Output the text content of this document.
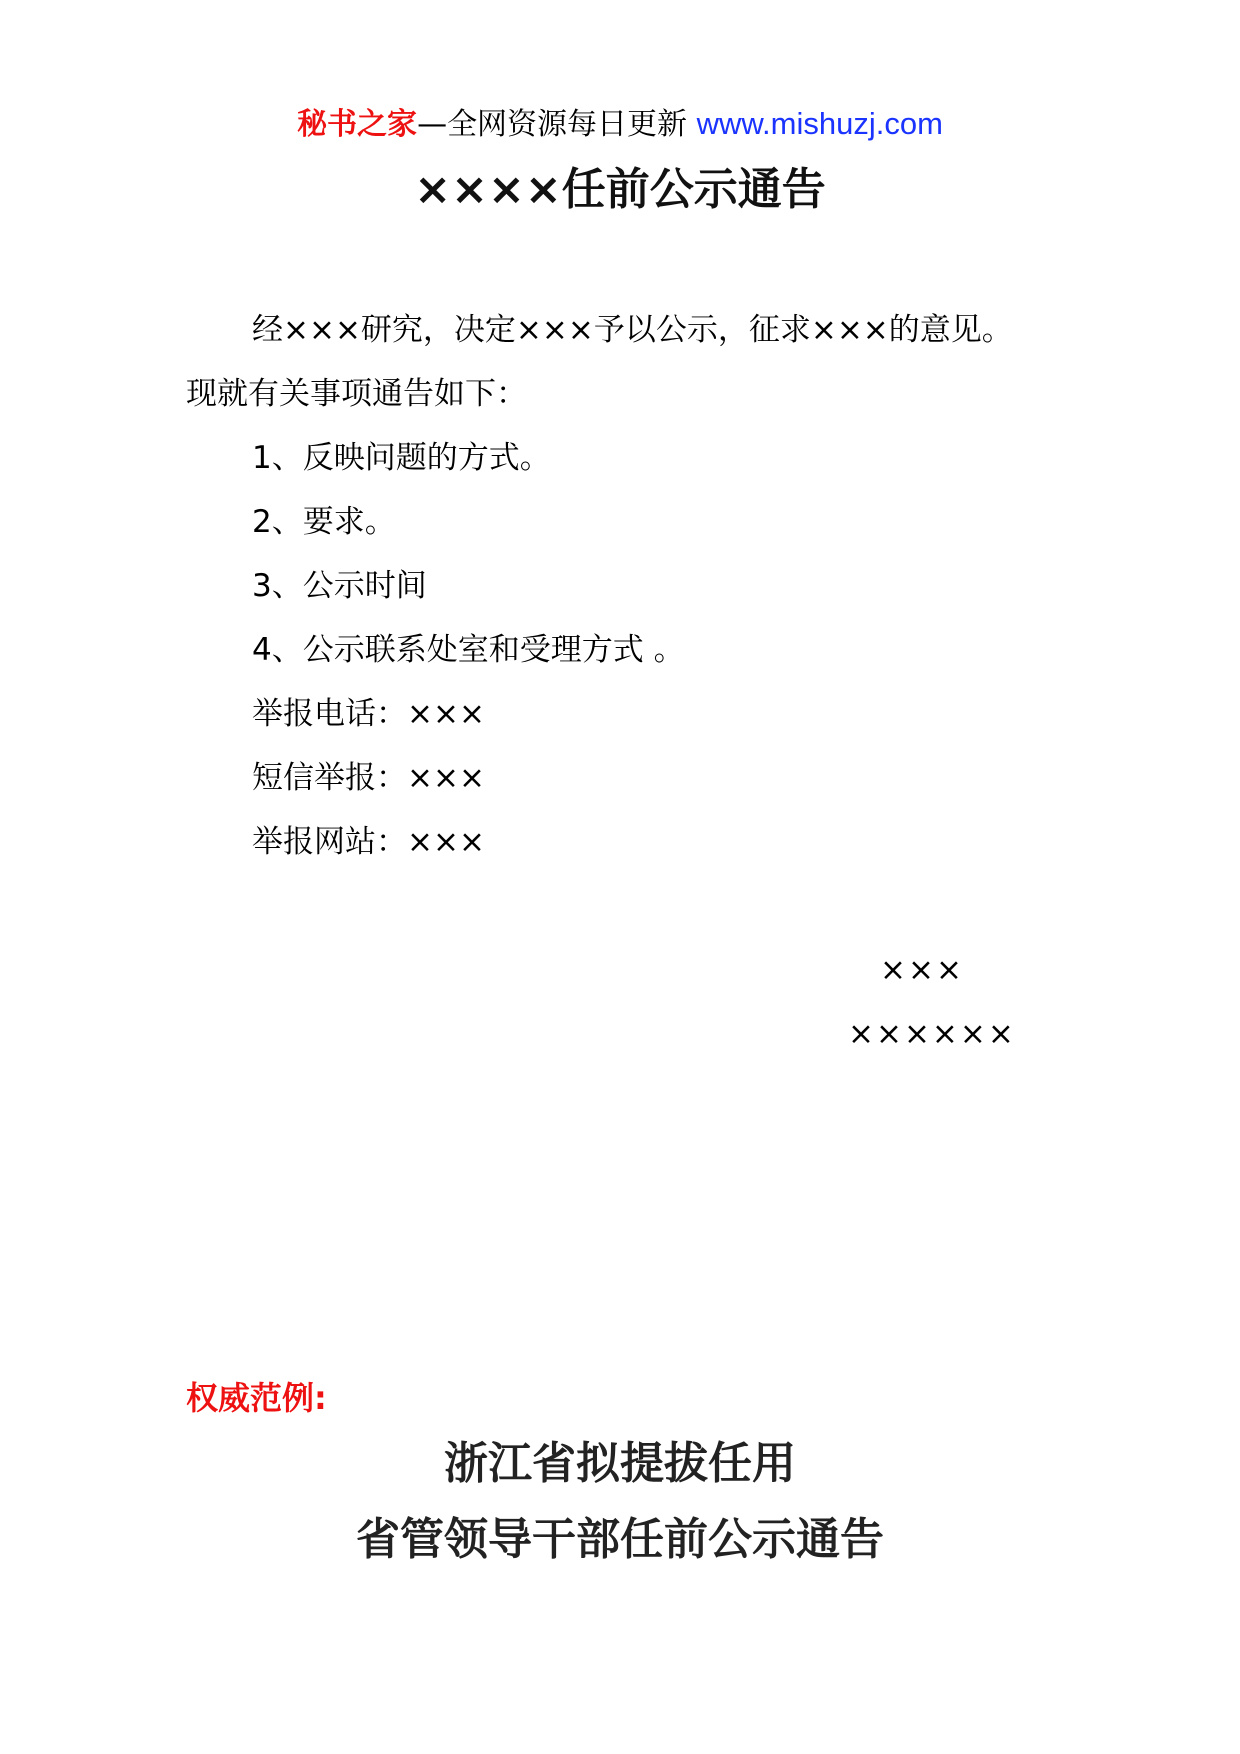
秘书之家—全网资源每日更新 www.mishuzj.com
××××任前公示通告
经×××研究，决定×××予以公示，征求×××的意见。
现就有关事项通告如下：
1、反映问题的方式。
2、要求。
3、公示时间
4、公示联系处室和受理方式 。
举报电话：×××
短信举报：×××
举报网站：×××
×××
××××××
权威范例:
浙江省拟提拔任用
省管领导干部任前公示通告
